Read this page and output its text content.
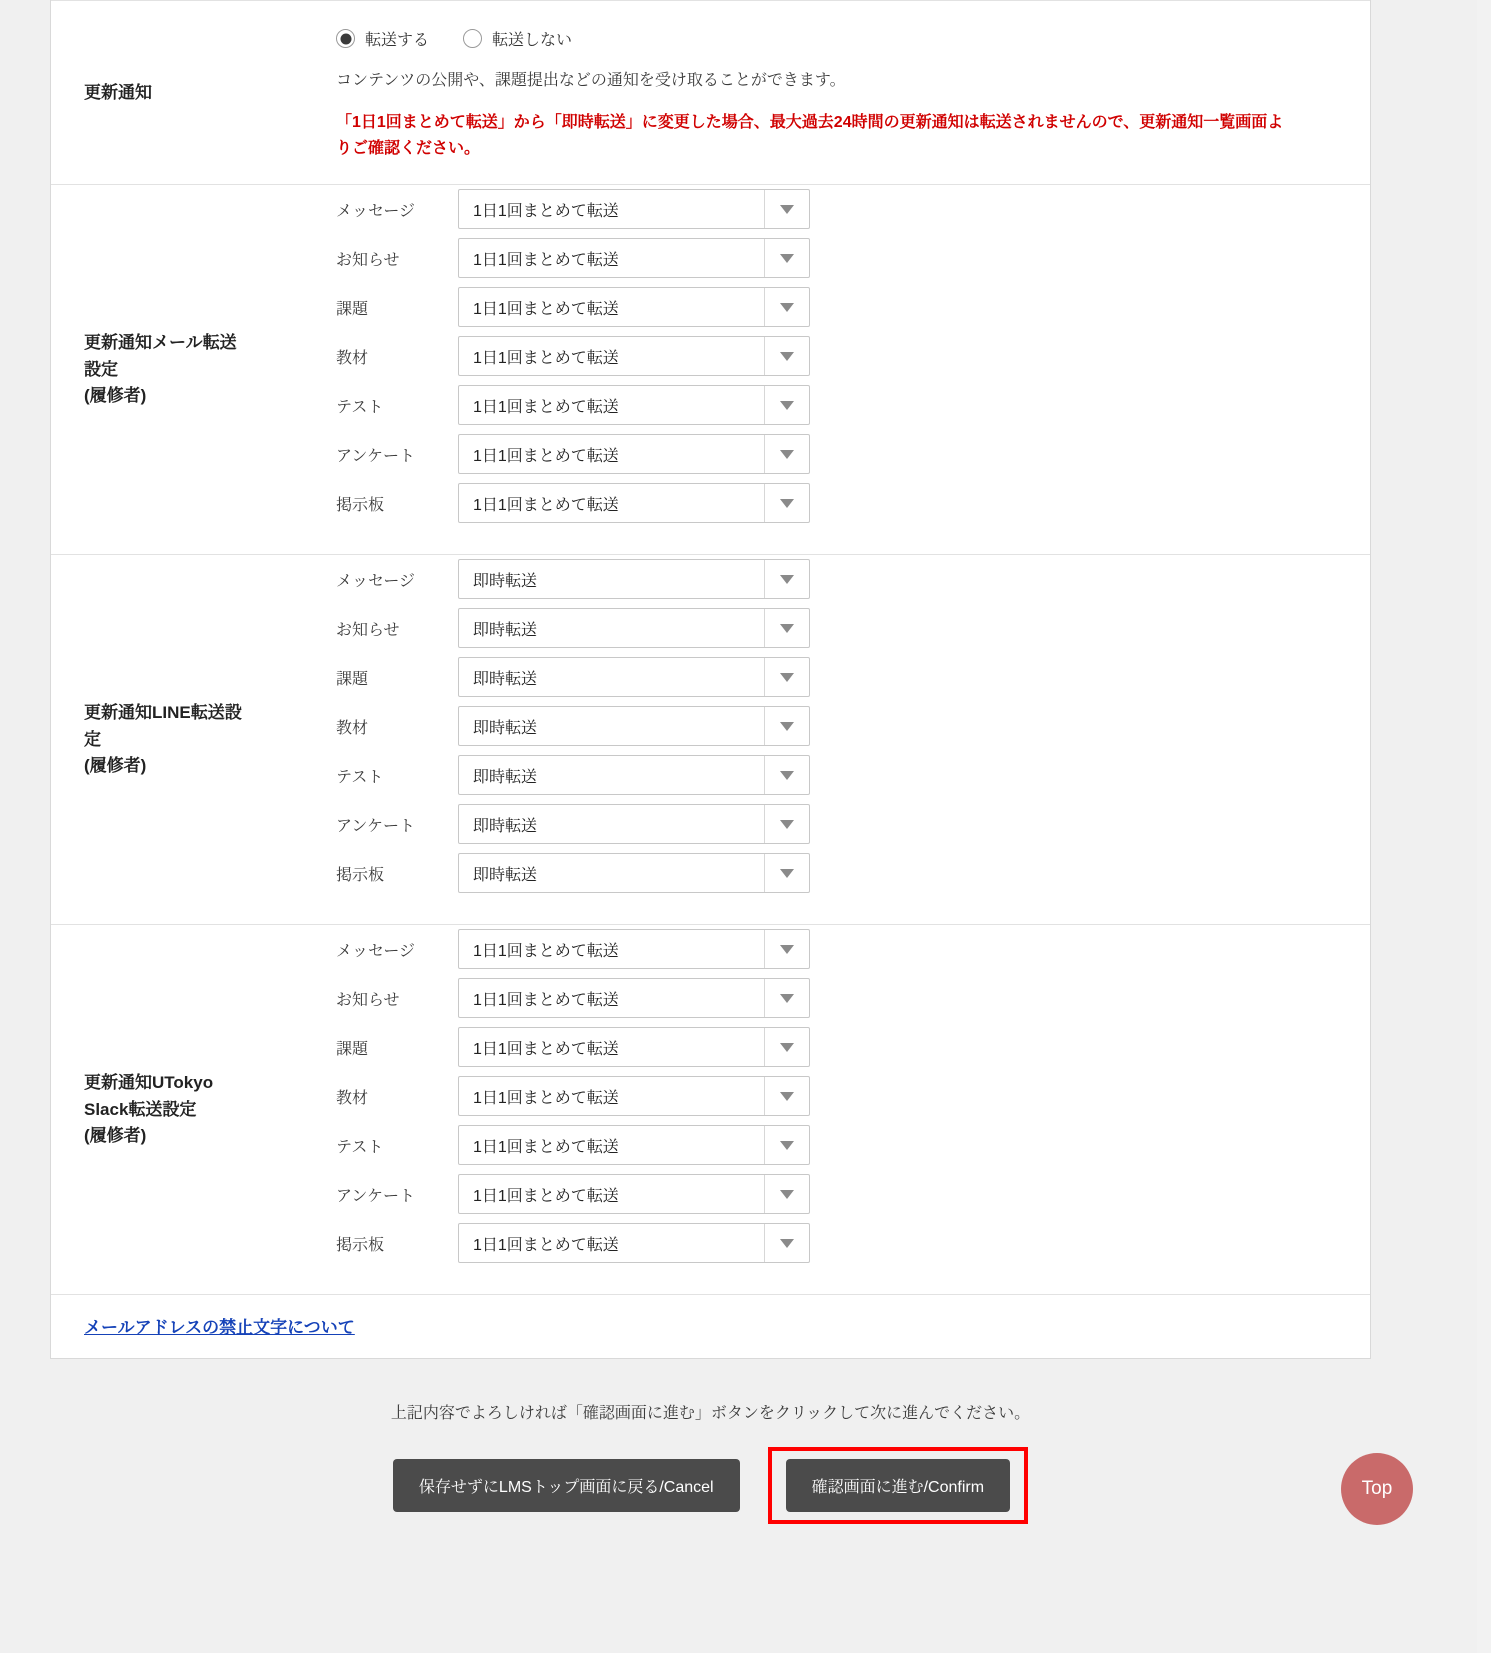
更新通知
転送する	転送しない
コンテンツの公開や、課題提出などの通知を受け取ることができます。
「1日1回まとめて転送」から「即時転送」に変更した場合、最大過去24時間の更新通知は転送されませんので、更新通知一覧画面よりご確認ください。
更新通知メール転送
設定
(履修者)
メッセージ	1日1回まとめて転送
お知らせ	1日1回まとめて転送
課題	1日1回まとめて転送
教材	1日1回まとめて転送
テスト	1日1回まとめて転送
アンケート	1日1回まとめて転送
掲示板	1日1回まとめて転送
更新通知LINE転送設
定
(履修者)
メッセージ	即時転送
お知らせ	即時転送
課題	即時転送
教材	即時転送
テスト	即時転送
アンケート	即時転送
掲示板	即時転送
更新通知UTokyo
Slack転送設定
(履修者)
メッセージ	1日1回まとめて転送
お知らせ	1日1回まとめて転送
課題	1日1回まとめて転送
教材	1日1回まとめて転送
テスト	1日1回まとめて転送
アンケート	1日1回まとめて転送
掲示板	1日1回まとめて転送
メールアドレスの禁止文字について
上記内容でよろしければ「確認画面に進む」ボタンをクリックして次に進んでください。
保存せずにLMSトップ画面に戻る/Cancel	確認画面に進む/Confirm	Top
